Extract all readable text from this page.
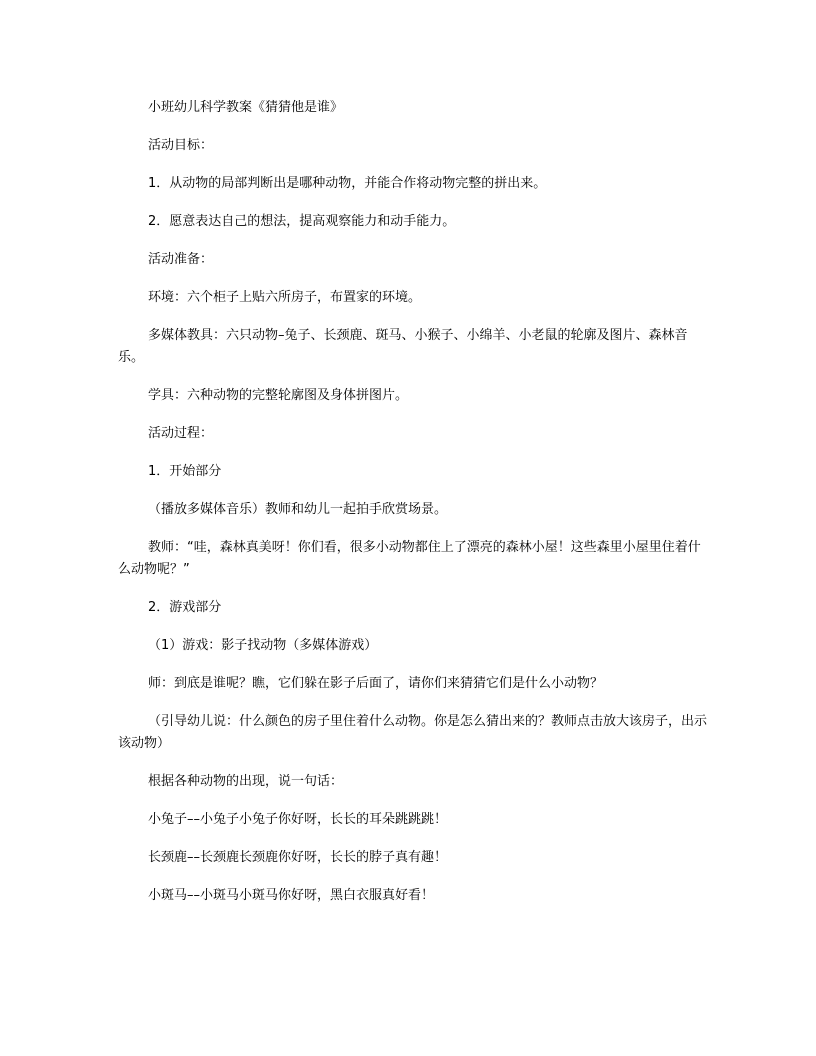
小班幼儿科学教案《猜猜他是谁》

活动目标：

1．从动物的局部判断出是哪种动物，并能合作将动物完整的拼出来。

2．愿意表达自己的想法，提高观察能力和动手能力。

活动准备：

环境：六个柜子上贴六所房子，布置家的环境。

多媒体教具：六只动物–兔子、长颈鹿、斑马、小猴子、小绵羊、小老鼠的轮廓及图片、森林音乐。

学具：六种动物的完整轮廓图及身体拼图片。

活动过程：

1．开始部分

（播放多媒体音乐）教师和幼儿一起拍手欣赏场景。

教师：“哇，森林真美呀！你们看，很多小动物都住上了漂亮的森林小屋！这些森里小屋里住着什么动物呢？”

2．游戏部分

（1）游戏：影子找动物（多媒体游戏）

师：到底是谁呢？瞧，它们躲在影子后面了，请你们来猜猜它们是什么小动物？

（引导幼儿说：什么颜色的房子里住着什么动物。你是怎么猜出来的？教师点击放大该房子，出示该动物）

根据各种动物的出现，说一句话：

小兔子––小兔子小兔子你好呀，长长的耳朵跳跳跳！

长颈鹿––长颈鹿长颈鹿你好呀，长长的脖子真有趣！

小斑马––小斑马小斑马你好呀，黑白衣服真好看！
